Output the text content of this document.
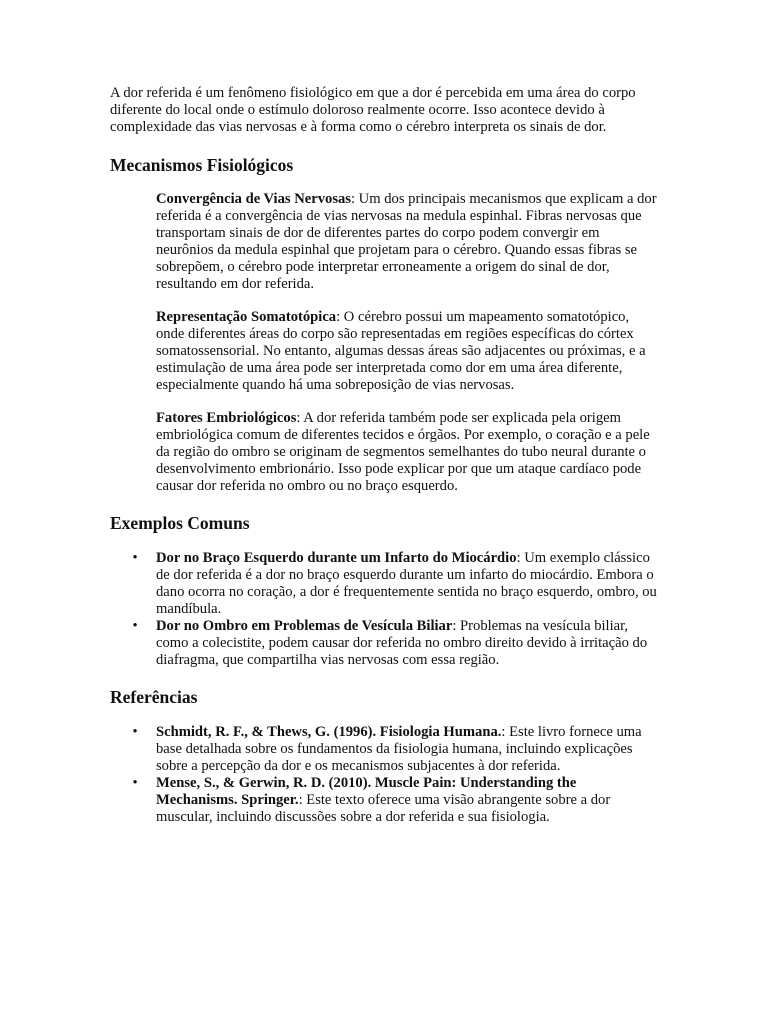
A dor referida é um fenômeno fisiológico em que a dor é percebida em uma área do corpo diferente do local onde o estímulo doloroso realmente ocorre. Isso acontece devido à complexidade das vias nervosas e à forma como o cérebro interpreta os sinais de dor.

Mecanismos Fisiológicos

Convergência de Vias Nervosas: Um dos principais mecanismos que explicam a dor referida é a convergência de vias nervosas na medula espinhal. Fibras nervosas que transportam sinais de dor de diferentes partes do corpo podem convergir em neurônios da medula espinhal que projetam para o cérebro. Quando essas fibras se sobrepõem, o cérebro pode interpretar erroneamente a origem do sinal de dor, resultando em dor referida.

Representação Somatotópica: O cérebro possui um mapeamento somatotópico, onde diferentes áreas do corpo são representadas em regiões específicas do córtex somatossensorial. No entanto, algumas dessas áreas são adjacentes ou próximas, e a estimulação de uma área pode ser interpretada como dor em uma área diferente, especialmente quando há uma sobreposição de vias nervosas.

Fatores Embriológicos: A dor referida também pode ser explicada pela origem embriológica comum de diferentes tecidos e órgãos. Por exemplo, o coração e a pele da região do ombro se originam de segmentos semelhantes do tubo neural durante o desenvolvimento embrionário. Isso pode explicar por que um ataque cardíaco pode causar dor referida no ombro ou no braço esquerdo.

Exemplos Comuns
• Dor no Braço Esquerdo durante um Infarto do Miocárdio: Um exemplo clássico de dor referida é a dor no braço esquerdo durante um infarto do miocárdio. Embora o dano ocorra no coração, a dor é frequentemente sentida no braço esquerdo, ombro, ou mandíbula.
• Dor no Ombro em Problemas de Vesícula Biliar: Problemas na vesícula biliar, como a colecistite, podem causar dor referida no ombro direito devido à irritação do diafragma, que compartilha vias nervosas com essa região.
Referências
• Schmidt, R. F., & Thews, G. (1996). Fisiologia Humana.: Este livro fornece uma base detalhada sobre os fundamentos da fisiologia humana, incluindo explicações sobre a percepção da dor e os mecanismos subjacentes à dor referida.
• Mense, S., & Gerwin, R. D. (2010). Muscle Pain: Understanding the Mechanisms. Springer.: Este texto oferece uma visão abrangente sobre a dor muscular, incluindo discussões sobre a dor referida e sua fisiologia.
